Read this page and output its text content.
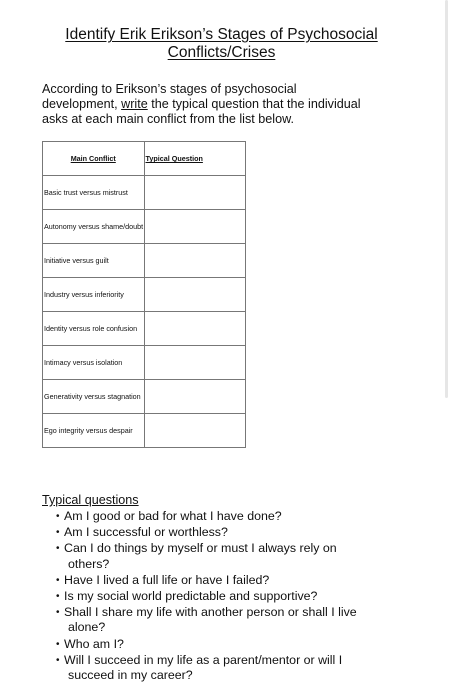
Identify Erik Erikson’s Stages of Psychosocial
Conflicts/Crises
According to Erikson’s stages of psychosocial
development, write the typical question that the individual
asks at each main conflict from the list below.
Main Conflict	Typical Question
Basic trust versus mistrust	
Autonomy versus shame/doubt	
Initiative versus guilt	
Industry versus inferiority	
Identity versus role confusion	
Intimacy versus isolation	
Generativity versus stagnation	
Ego integrity versus despair	
Typical questions
• Am I good or bad for what I have done?
• Am I successful or worthless?
• Can I do things by myself or must I always rely on
others?
• Have I lived a full life or have I failed?
• Is my social world predictable and supportive?
• Shall I share my life with another person or shall I live
alone?
• Who am I?
• Will I succeed in my life as a parent/mentor or will I
succeed in my career?
